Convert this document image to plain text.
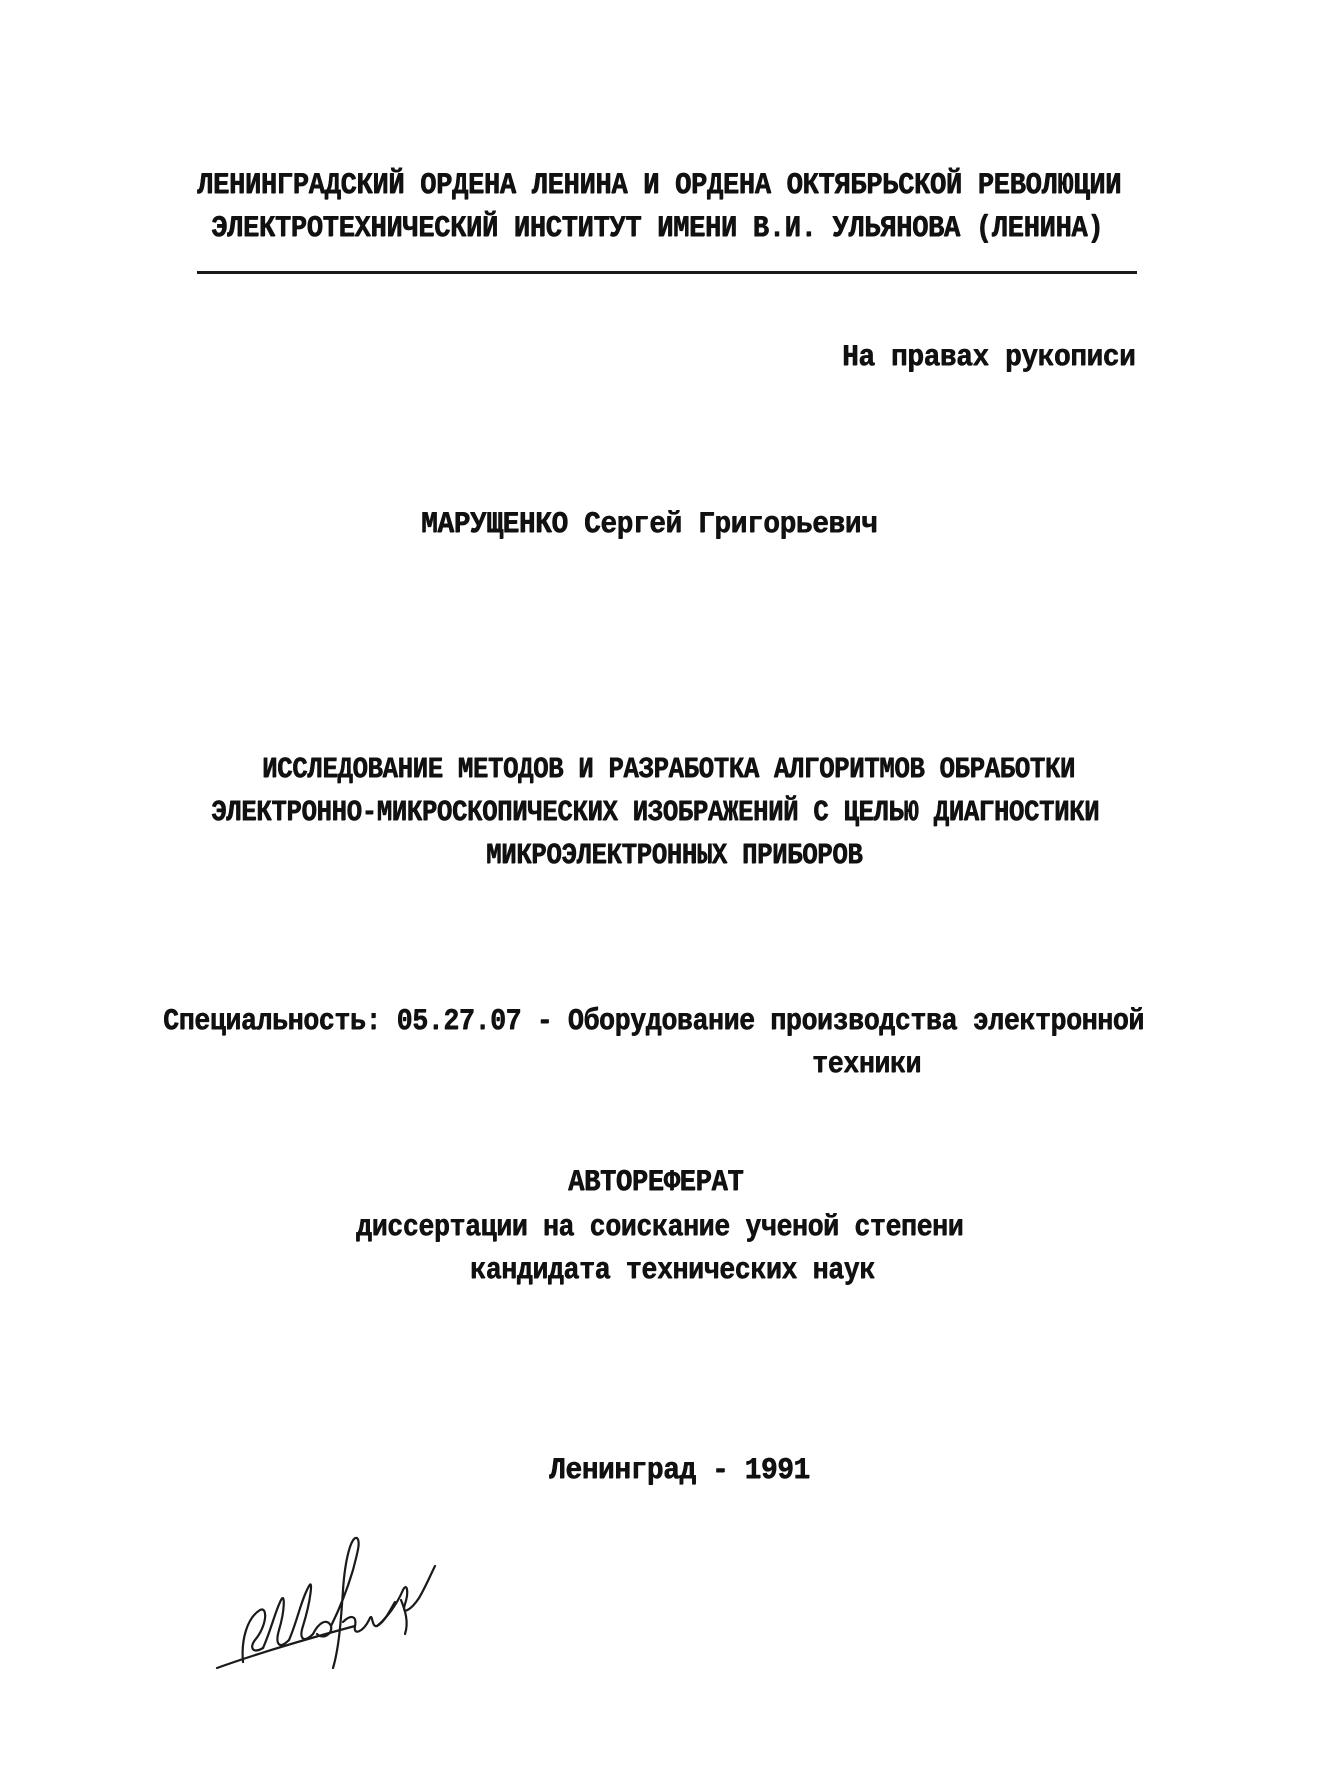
ЛЕНИНГРАДСКИЙ ОРДЕНА ЛЕНИНА И ОРДЕНА ОКТЯБРЬСКОЙ РЕВОЛЮЦИИ
ЭЛЕКТРОТЕХНИЧЕСКИЙ ИНСТИТУТ ИМЕНИ В.И. УЛЬЯНОВА (ЛЕНИНА)
На правах рукописи
МАРУЩЕНКО Сергей Григорьевич
ИССЛЕДОВАНИЕ МЕТОДОВ И РАЗРАБОТКА АЛГОРИТМОВ ОБРАБОТКИ
ЭЛЕКТРОННО-МИКРОСКОПИЧЕСКИХ ИЗОБРАЖЕНИЙ С ЦЕЛЬЮ ДИАГНОСТИКИ
МИКРОЭЛЕКТРОННЫХ ПРИБОРОВ
Специальность: 05.27.07 - Оборудование производства электронной
техники
АВТОРЕФЕРАТ
диссертации на соискание ученой степени
кандидата технических наук
Ленинград - 1991
